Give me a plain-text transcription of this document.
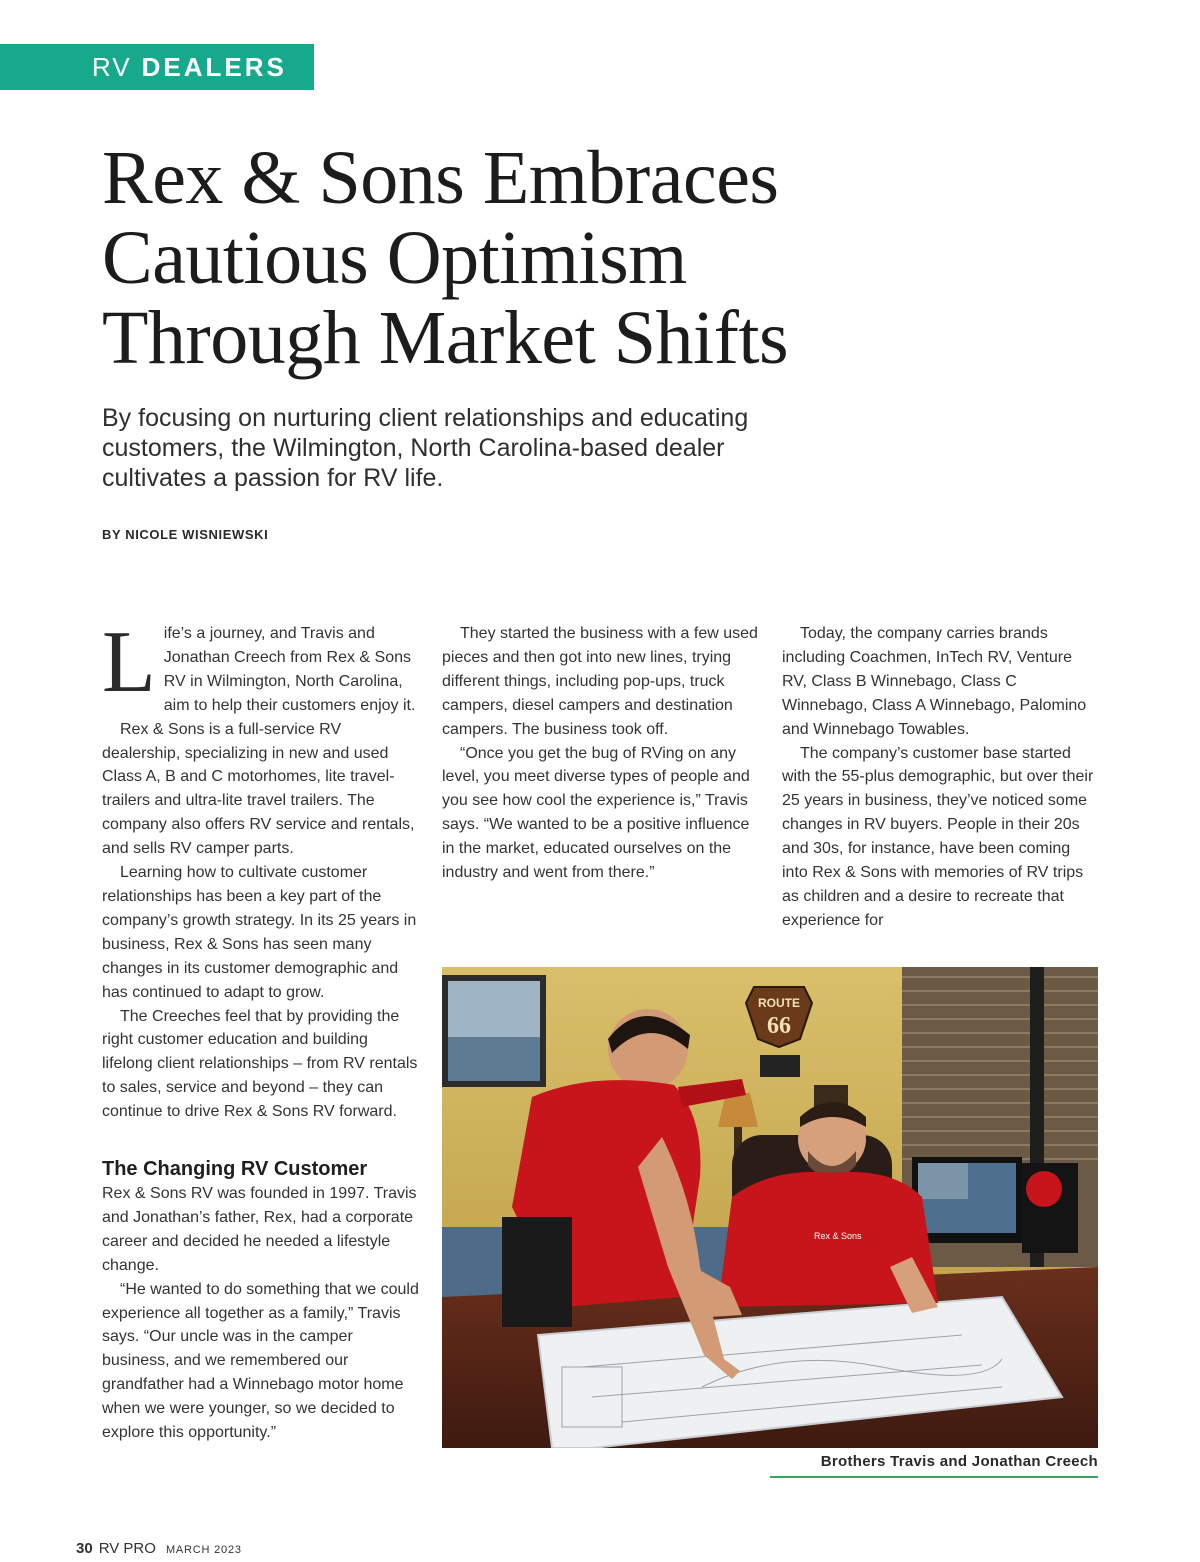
RV DEALERS
Rex & Sons Embraces Cautious Optimism Through Market Shifts

By focusing on nurturing client relationships and educating customers, the Wilmington, North Carolina-based dealer cultivates a passion for RV life.

BY NICOLE WISNIEWSKI

Life’s a journey, and Travis and Jonathan Creech from Rex & Sons RV in Wilmington, North Carolina, aim to help their customers enjoy it.

Rex & Sons is a full-service RV dealership, specializing in new and used Class A, B and C motorhomes, lite travel-trailers and ultra-lite travel trailers. The company also offers RV service and rentals, and sells RV camper parts.

Learning how to cultivate customer relationships has been a key part of the company’s growth strategy. In its 25 years in business, Rex & Sons has seen many changes in its customer demographic and has continued to adapt to grow.

The Creeches feel that by providing the right customer education and building lifelong client relationships – from RV rentals to sales, service and beyond – they can continue to drive Rex & Sons RV forward.

The Changing RV Customer

Rex & Sons RV was founded in 1997. Travis and Jonathan’s father, Rex, had a corporate career and decided he needed a lifestyle change.

“He wanted to do something that we could experience all together as a family,” Travis says. “Our uncle was in the camper business, and we remembered our grandfather had a Winnebago motor home when we were younger, so we decided to explore this opportunity.”

They started the business with a few used pieces and then got into new lines, trying different things, including pop-ups, truck campers, diesel campers and destination campers. The business took off.

“Once you get the bug of RVing on any level, you meet diverse types of people and you see how cool the experience is,” Travis says. “We wanted to be a positive influence in the market, educated ourselves on the industry and went from there.”

Today, the company carries brands including Coachmen, InTech RV, Venture RV, Class B Winnebago, Class C Winnebago, Class A Winnebago, Palomino and Winnebago Towables.

The company’s customer base started with the 55-plus demographic, but over their 25 years in business, they’ve noticed some changes in RV buyers. People in their 20s and 30s, for instance, have been coming into Rex & Sons with memories of RV trips as children and a desire to recreate that experience for

ROUTE
66
Rex & Sons
Brothers Travis and Jonathan Creech
30 RV PRO MARCH 2023
